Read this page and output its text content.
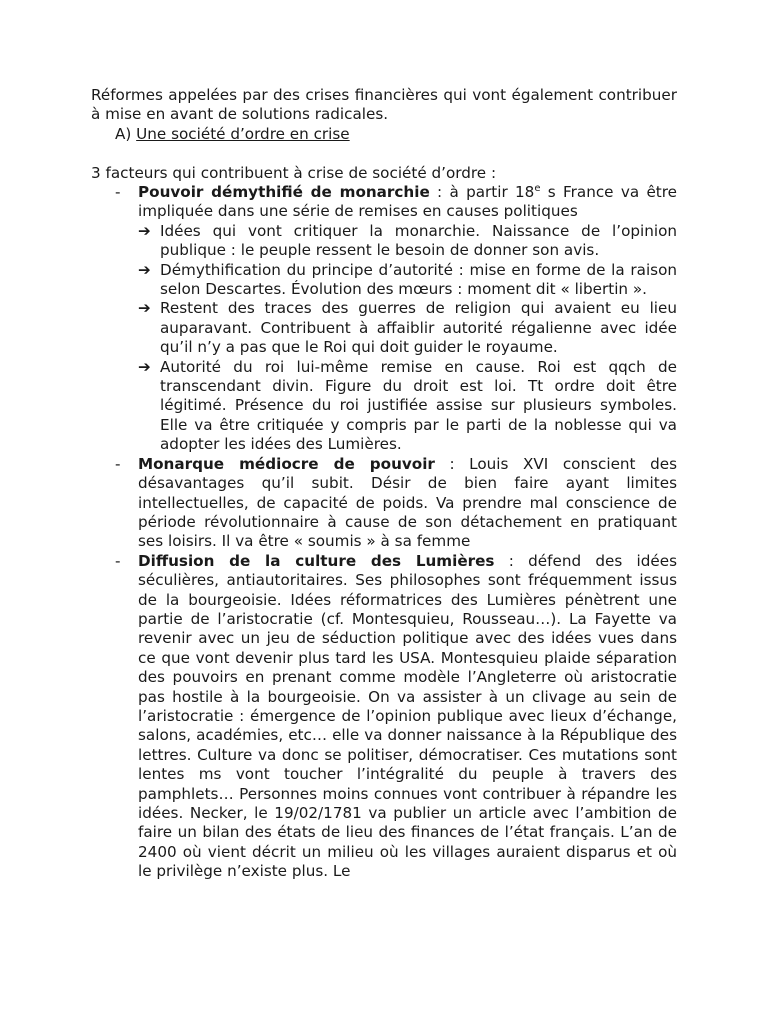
Réformes appelées par des crises financières qui vont également contribuer à mise en avant de solutions radicales.

A) Une société d’ordre en crise

3 facteurs qui contribuent à crise de société d’ordre :

- Pouvoir démythifié de monarchie : à partir 18e s France va être impliquée dans une série de remises en causes politiques
➔ Idées qui vont critiquer la monarchie. Naissance de l’opinion publique : le peuple ressent le besoin de donner son avis.
➔ Démythification du principe d’autorité : mise en forme de la raison selon Descartes. Évolution des mœurs : moment dit « libertin ».
➔ Restent des traces des guerres de religion qui avaient eu lieu auparavant. Contribuent à affaiblir autorité régalienne avec idée qu’il n’y a pas que le Roi qui doit guider le royaume.
➔ Autorité du roi lui-même remise en cause. Roi est qqch de transcendant divin. Figure du droit est loi. Tt ordre doit être légitimé. Présence du roi justifiée assise sur plusieurs symboles. Elle va être critiquée y compris par le parti de la noblesse qui va adopter les idées des Lumières.
- Monarque médiocre de pouvoir : Louis XVI conscient des désavantages qu’il subit. Désir de bien faire ayant limites intellectuelles, de capacité de poids. Va prendre mal conscience de période révolutionnaire à cause de son détachement en pratiquant ses loisirs. Il va être « soumis » à sa femme
- Diffusion de la culture des Lumières : défend des idées séculières, antiautoritaires. Ses philosophes sont fréquemment issus de la bourgeoisie. Idées réformatrices des Lumières pénètrent une partie de l’aristocratie (cf. Montesquieu, Rousseau…). La Fayette va revenir avec un jeu de séduction politique avec des idées vues dans ce que vont devenir plus tard les USA. Montesquieu plaide séparation des pouvoirs en prenant comme modèle l’Angleterre où aristocratie pas hostile à la bourgeoisie. On va assister à un clivage au sein de l’aristocratie : émergence de l’opinion publique avec lieux d’échange, salons, académies, etc… elle va donner naissance à la République des lettres. Culture va donc se politiser, démocratiser. Ces mutations sont lentes ms vont toucher l’intégralité du peuple à travers des pamphlets… Personnes moins connues vont contribuer à répandre les idées. Necker, le 19/02/1781 va publier un article avec l’ambition de faire un bilan des états de lieu des finances de l’état français. L’an de 2400 où vient décrit un milieu où les villages auraient disparus et où le privilège n’existe plus. Le
